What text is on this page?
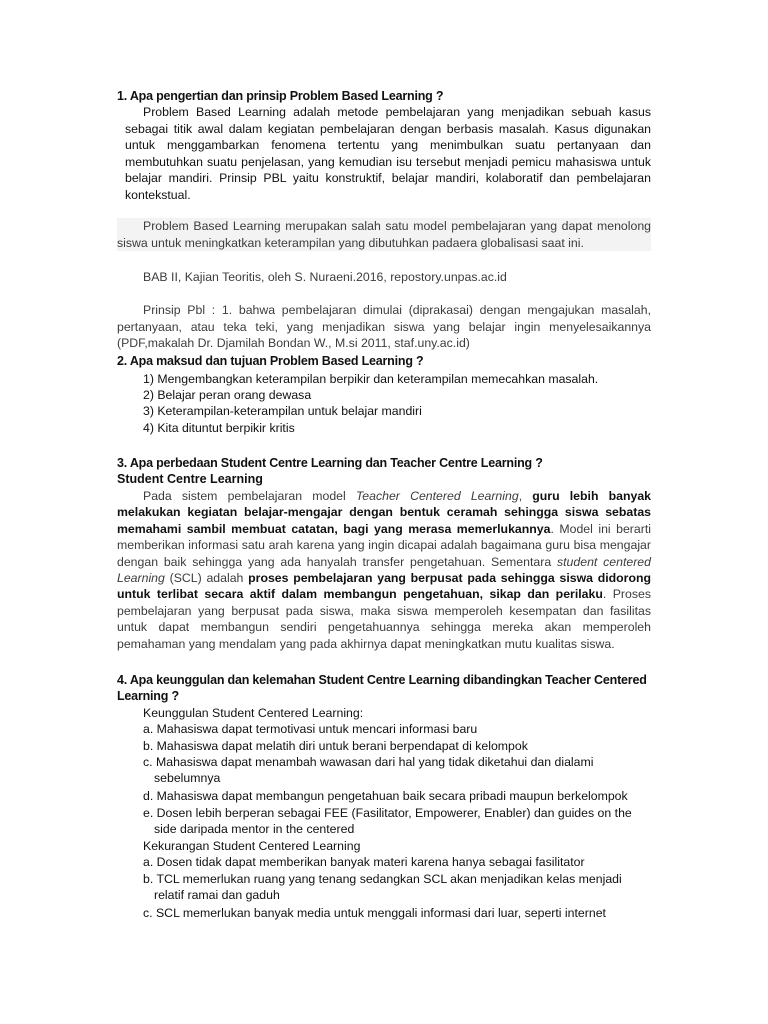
1. Apa pengertian dan prinsip Problem Based Learning ?
Problem Based Learning adalah metode pembelajaran yang menjadikan sebuah kasus sebagai titik awal dalam kegiatan pembelajaran dengan berbasis masalah. Kasus digunakan untuk menggambarkan fenomena tertentu yang menimbulkan suatu pertanyaan dan membutuhkan suatu penjelasan, yang kemudian isu tersebut menjadi pemicu mahasiswa untuk belajar mandiri. Prinsip PBL yaitu konstruktif, belajar mandiri, kolaboratif dan pembelajaran kontekstual.
Problem Based Learning merupakan salah satu model pembelajaran yang dapat menolong siswa untuk meningkatkan keterampilan yang dibutuhkan padaera globalisasi saat ini.
BAB II, Kajian Teoritis, oleh S. Nuraeni.2016, repostory.unpas.ac.id
Prinsip Pbl : 1. bahwa pembelajaran dimulai (diprakasai) dengan mengajukan masalah, pertanyaan, atau teka teki, yang menjadikan siswa yang belajar ingin menyelesaikannya (PDF,makalah Dr. Djamilah Bondan W., M.si 2011, staf.uny.ac.id)
2. Apa maksud dan tujuan Problem Based Learning ?
1) Mengembangkan keterampilan berpikir dan keterampilan memecahkan masalah.
2) Belajar peran orang dewasa
3) Keterampilan-keterampilan untuk belajar mandiri
4) Kita dituntut berpikir kritis
3. Apa perbedaan Student Centre Learning dan Teacher Centre Learning ?
Student Centre Learning
Pada sistem pembelajaran model Teacher Centered Learning, guru lebih banyak melakukan kegiatan belajar-mengajar dengan bentuk ceramah sehingga siswa sebatas memahami sambil membuat catatan, bagi yang merasa memerlukannya. Model ini berarti memberikan informasi satu arah karena yang ingin dicapai adalah bagaimana guru bisa mengajar dengan baik sehingga yang ada hanyalah transfer pengetahuan. Sementara student centered Learning (SCL) adalah proses pembelajaran yang berpusat pada sehingga siswa didorong untuk terlibat secara aktif dalam membangun pengetahuan, sikap dan perilaku. Proses pembelajaran yang berpusat pada siswa, maka siswa memperoleh kesempatan dan fasilitas untuk dapat membangun sendiri pengetahuannya sehingga mereka akan memperoleh pemahaman yang mendalam yang pada akhirnya dapat meningkatkan mutu kualitas siswa.
4. Apa keunggulan dan kelemahan Student Centre Learning dibandingkan Teacher Centered
Learning ?
Keunggulan Student Centered Learning:
a. Mahasiswa dapat termotivasi untuk mencari informasi baru
b. Mahasiswa dapat melatih diri untuk berani berpendapat di kelompok
c. Mahasiswa dapat menambah wawasan dari hal yang tidak diketahui dan dialami
sebelumnya
d. Mahasiswa dapat membangun pengetahuan baik secara pribadi maupun berkelompok
e. Dosen lebih berperan sebagai FEE (Fasilitator, Empowerer, Enabler) dan guides on the
side daripada mentor in the centered
Kekurangan Student Centered Learning
a. Dosen tidak dapat memberikan banyak materi karena hanya sebagai fasilitator
b. TCL memerlukan ruang yang tenang sedangkan SCL akan menjadikan kelas menjadi
relatif ramai dan gaduh
c. SCL memerlukan banyak media untuk menggali informasi dari luar, seperti internet
